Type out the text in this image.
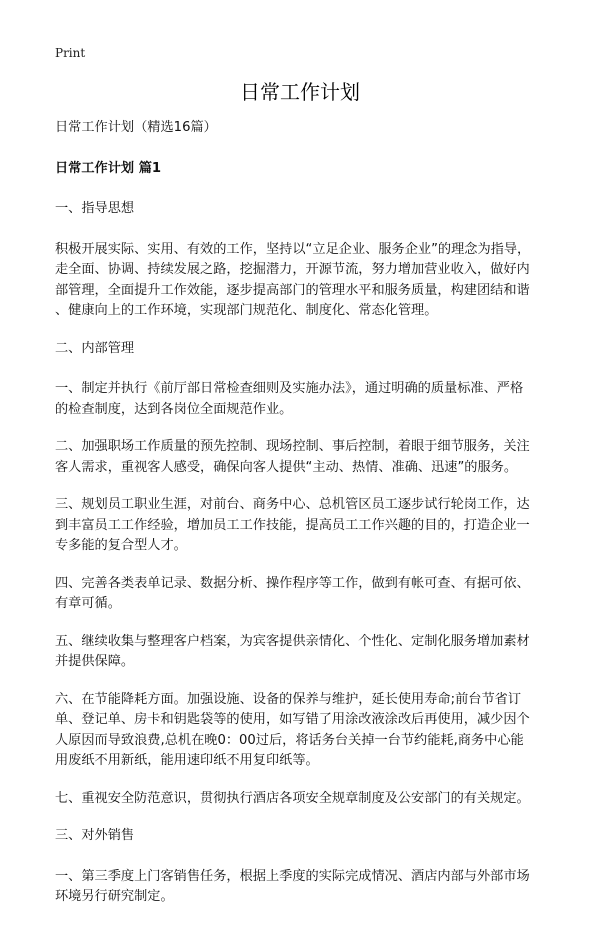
Print
日常工作计划

日常工作计划（精选16篇）

日常工作计划 篇1

一、指导思想

积极开展实际、实用、有效的工作，坚持以“立足企业、服务企业”的理念为指导，

走全面、协调、持续发展之路，挖掘潜力，开源节流，努力增加营业收入，做好内

部管理，全面提升工作效能，逐步提高部门的管理水平和服务质量，构建团结和谐

、健康向上的工作环境，实现部门规范化、制度化、常态化管理。

二、内部管理

一、制定并执行《前厅部日常检查细则及实施办法》，通过明确的质量标准、严格

的检查制度，达到各岗位全面规范作业。

二、加强职场工作质量的预先控制、现场控制、事后控制，着眼于细节服务，关注

客人需求，重视客人感受，确保向客人提供“主动、热情、准确、迅速”的服务。

三、规划员工职业生涯，对前台、商务中心、总机管区员工逐步试行轮岗工作，达

到丰富员工工作经验，增加员工工作技能，提高员工工作兴趣的目的，打造企业一

专多能的复合型人才。

四、完善各类表单记录、数据分析、操作程序等工作，做到有帐可查、有据可依、

有章可循。

五、继续收集与整理客户档案，为宾客提供亲情化、个性化、定制化服务增加素材

并提供保障。

六、在节能降耗方面。加强设施、设备的保养与维护，延长使用寿命;前台节省订

单、登记单、房卡和钥匙袋等的使用，如写错了用涂改液涂改后再使用，减少因个

人原因而导致浪费,总机在晚0：00过后，将话务台关掉一台节约能耗,商务中心能

用废纸不用新纸，能用速印纸不用复印纸等。

七、重视安全防范意识，贯彻执行酒店各项安全规章制度及公安部门的有关规定。

三、对外销售

一、第三季度上门客销售任务，根据上季度的实际完成情况、酒店内部与外部市场

环境另行研究制定。
